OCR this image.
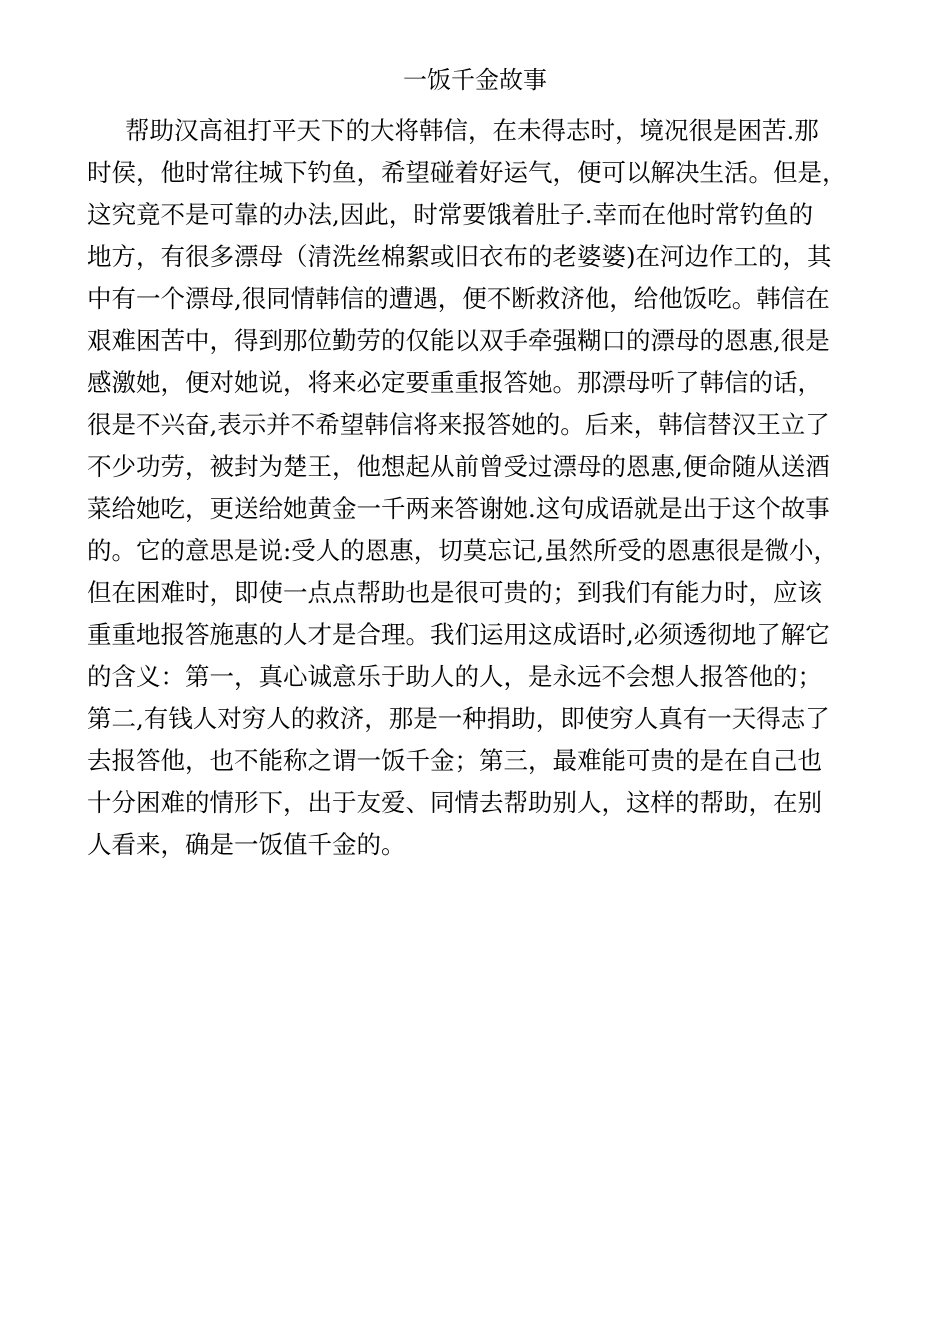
一饭千金故事
帮助汉高祖打平天下的大将韩信，在未得志时，境况很是困苦.那
时侯，他时常往城下钓鱼，希望碰着好运气，便可以解决生活。但是，
这究竟不是可靠的办法,因此，时常要饿着肚子.幸而在他时常钓鱼的
地方，有很多漂母（清洗丝棉絮或旧衣布的老婆婆)在河边作工的，其
中有一个漂母,很同情韩信的遭遇，便不断救济他，给他饭吃。韩信在
艰难困苦中，得到那位勤劳的仅能以双手牵强糊口的漂母的恩惠,很是
感激她，便对她说，将来必定要重重报答她。那漂母听了韩信的话，
很是不兴奋,表示并不希望韩信将来报答她的。后来，韩信替汉王立了
不少功劳，被封为楚王，他想起从前曾受过漂母的恩惠,便命随从送酒
菜给她吃，更送给她黄金一千两来答谢她.这句成语就是出于这个故事
的。它的意思是说:受人的恩惠，切莫忘记,虽然所受的恩惠很是微小，
但在困难时，即使一点点帮助也是很可贵的；到我们有能力时，应该
重重地报答施惠的人才是合理。我们运用这成语时,必须透彻地了解它
的含义：第一，真心诚意乐于助人的人，是永远不会想人报答他的；
第二,有钱人对穷人的救济，那是一种捐助，即使穷人真有一天得志了
去报答他，也不能称之谓一饭千金；第三，最难能可贵的是在自己也
十分困难的情形下，出于友爱、同情去帮助别人，这样的帮助，在别
人看来，确是一饭值千金的。
